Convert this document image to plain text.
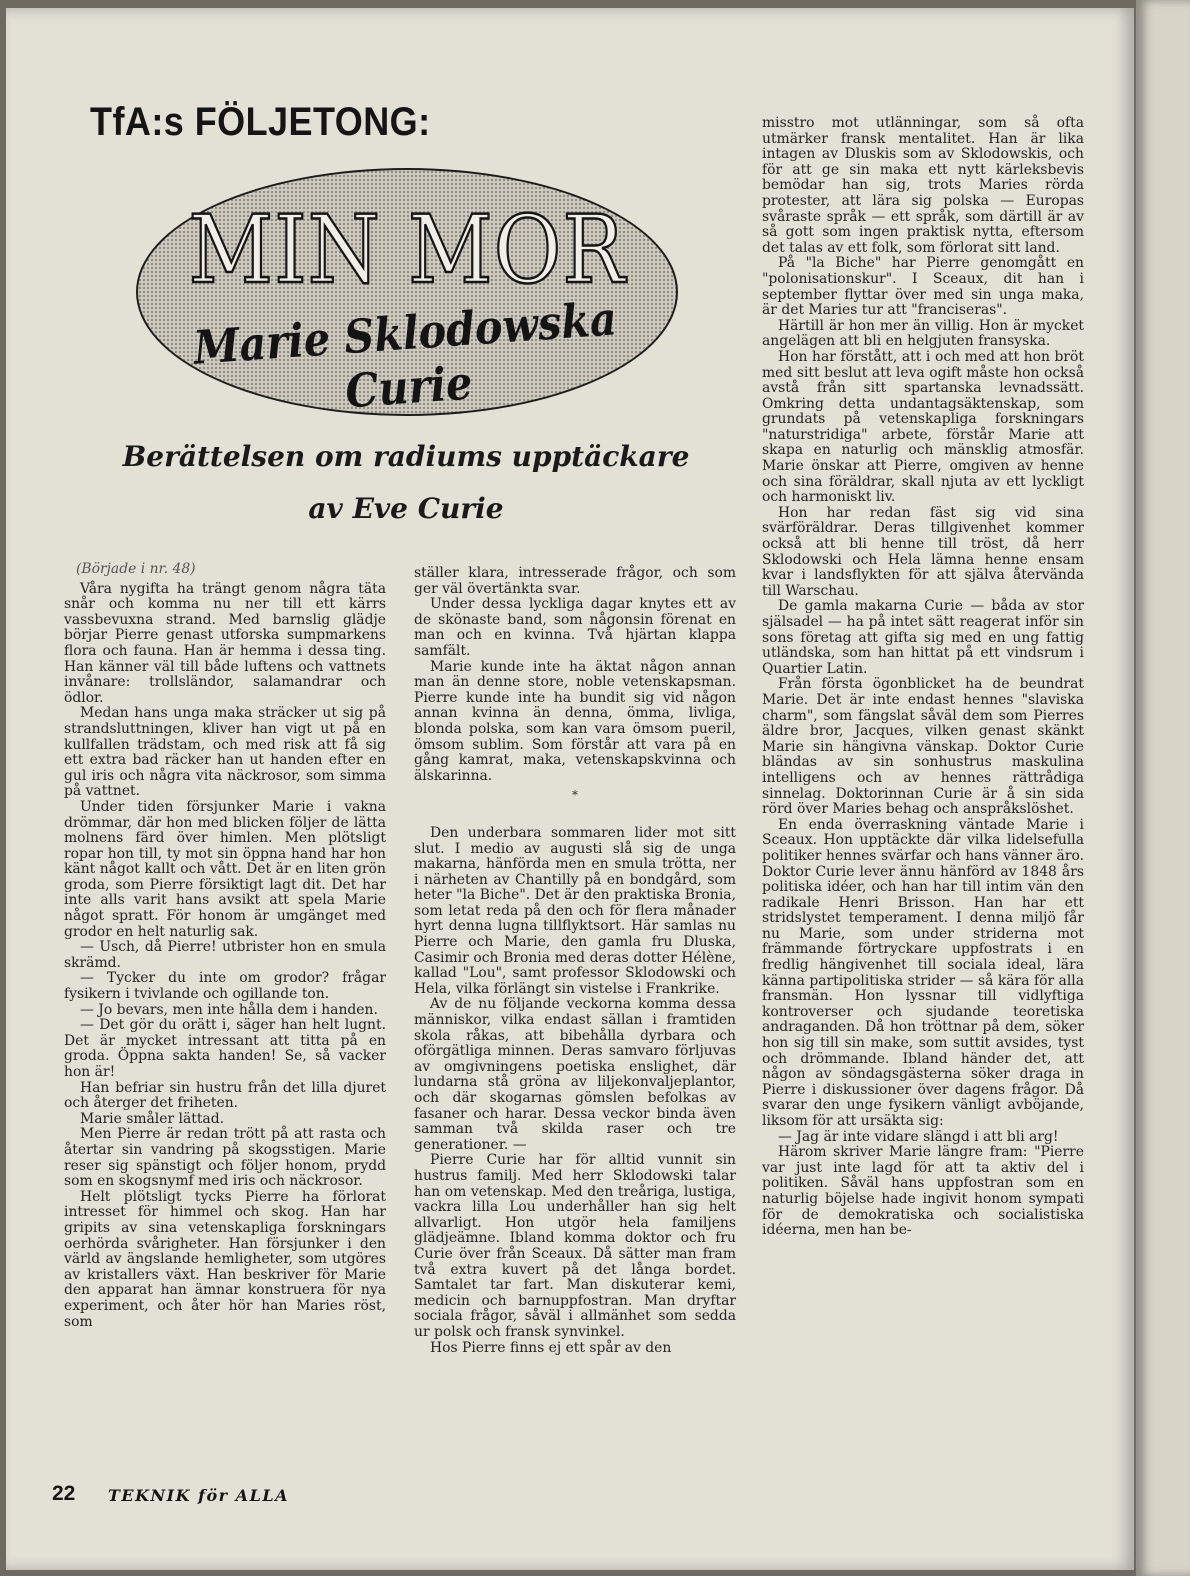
TfA:s FÖLJETONG:
MIN MOR
Marie Sklodowska Curie
Berättelsen om radiums upptäckare
av Eve Curie

(Började i nr. 48)

Våra nygifta ha trängt genom några täta snår och komma nu ner till ett kärrs vassbevuxna strand. Med barnslig glädje börjar Pierre genast utforska sumpmarkens flora och fauna. Han är hemma i dessa ting. Han känner väl till både luftens och vattnets invånare: trollsländor, salamandrar och ödlor.

Medan hans unga maka sträcker ut sig på strandsluttningen, kliver han vigt ut på en kullfallen trädstam, och med risk att få sig ett extra bad räcker han ut handen efter en gul iris och några vita näckrosor, som simma på vattnet.

Under tiden försjunker Marie i vakna drömmar, där hon med blicken följer de lätta molnens färd över himlen. Men plötsligt ropar hon till, ty mot sin öppna hand har hon känt något kallt och vått. Det är en liten grön groda, som Pierre försiktigt lagt dit. Det har inte alls varit hans avsikt att spela Marie något spratt. För honom är umgänget med grodor en helt naturlig sak.

— Usch, då Pierre! utbrister hon en smula skrämd.

— Tycker du inte om grodor? frågar fysikern i tvivlande och ogillande ton.

— Jo bevars, men inte hålla dem i handen.

— Det gör du orätt i, säger han helt lugnt. Det är mycket intressant att titta på en groda. Öppna sakta handen! Se, så vacker hon är!

Han befriar sin hustru från det lilla djuret och återger det friheten.

Marie småler lättad.

Men Pierre är redan trött på att rasta och återtar sin vandring på skogsstigen. Marie reser sig spänstigt och följer honom, prydd som en skogsnymf med iris och näckrosor.

Helt plötsligt tycks Pierre ha förlorat intresset för himmel och skog. Han har gripits av sina vetenskapliga forskningars oerhörda svårigheter. Han försjunker i den värld av ängslande hemligheter, som utgöres av kristallers växt. Han beskriver för Marie den apparat han ämnar konstruera för nya experiment, och åter hör han Maries röst, som

ställer klara, intresserade frågor, och som ger väl övertänkta svar.

Under dessa lyckliga dagar knytes ett av de skönaste band, som någonsin förenat en man och en kvinna. Två hjärtan klappa samfält.

Marie kunde inte ha äktat någon annan man än denne store, noble vetenskapsman. Pierre kunde inte ha bundit sig vid någon annan kvinna än denna, ömma, livliga, blonda polska, som kan vara ömsom pueril, ömsom sublim. Som förstår att vara på en gång kamrat, maka, vetenskapskvinna och älskarinna.

*

Den underbara sommaren lider mot sitt slut. I medio av augusti slå sig de unga makarna, hänförda men en smula trötta, ner i närheten av Chantilly på en bondgård, som heter "la Biche". Det är den praktiska Bronia, som letat reda på den och för flera månader hyrt denna lugna tillflyktsort. Här samlas nu Pierre och Marie, den gamla fru Dluska, Casimir och Bronia med deras dotter Hélène, kallad "Lou", samt professor Sklodowski och Hela, vilka förlängt sin vistelse i Frankrike.

Av de nu följande veckorna komma dessa människor, vilka endast sällan i framtiden skola råkas, att bibehålla dyrbara och oförgätliga minnen. Deras samvaro förljuvas av omgivningens poetiska enslighet, där lundarna stå gröna av liljekonvaljeplantor, och där skogarnas gömslen befolkas av fasaner och harar. Dessa veckor binda även samman två skilda raser och tre generationer. —

Pierre Curie har för alltid vunnit sin hustrus familj. Med herr Sklodowski talar han om vetenskap. Med den treåriga, lustiga, vackra lilla Lou underhåller han sig helt allvarligt. Hon utgör hela familjens glädjeämne. Ibland komma doktor och fru Curie över från Sceaux. Då sätter man fram två extra kuvert på det långa bordet. Samtalet tar fart. Man diskuterar kemi, medicin och barnuppfostran. Man dryftar sociala frågor, såväl i allmänhet som sedda ur polsk och fransk synvinkel.

Hos Pierre finns ej ett spår av den

misstro mot utlänningar, som så ofta utmärker fransk mentalitet. Han är lika intagen av Dluskis som av Sklodowskis, och för att ge sin maka ett nytt kärleksbevis bemödar han sig, trots Maries rörda protester, att lära sig polska — Europas svåraste språk — ett språk, som därtill är av så gott som ingen praktisk nytta, eftersom det talas av ett folk, som förlorat sitt land.

På "la Biche" har Pierre genomgått en "polonisationskur". I Sceaux, dit han i september flyttar över med sin unga maka, är det Maries tur att "franciseras".

Härtill är hon mer än villig. Hon är mycket angelägen att bli en helgjuten fransyska.

Hon har förstått, att i och med att hon bröt med sitt beslut att leva ogift måste hon också avstå från sitt spartanska levnadssätt. Omkring detta undantagsäktenskap, som grundats på vetenskapliga forskningars "naturstridiga" arbete, förstår Marie att skapa en naturlig och mänsklig atmosfär. Marie önskar att Pierre, omgiven av henne och sina föräldrar, skall njuta av ett lyckligt och harmoniskt liv.

Hon har redan fäst sig vid sina svärföräldrar. Deras tillgivenhet kommer också att bli henne till tröst, då herr Sklodowski och Hela lämna henne ensam kvar i landsflykten för att själva återvända till Warschau.

De gamla makarna Curie — båda av stor själsadel — ha på intet sätt reagerat inför sin sons företag att gifta sig med en ung fattig utländska, som han hittat på ett vindsrum i Quartier Latin.

Från första ögonblicket ha de beundrat Marie. Det är inte endast hennes "slaviska charm", som fängslat såväl dem som Pierres äldre bror, Jacques, vilken genast skänkt Marie sin hängivna vänskap. Doktor Curie bländas av sin sonhustrus maskulina intelligens och av hennes rättrådiga sinnelag. Doktorinnan Curie är å sin sida rörd över Maries behag och anspråkslöshet.

En enda överraskning väntade Marie i Sceaux. Hon upptäckte där vilka lidelsefulla politiker hennes svärfar och hans vänner äro. Doktor Curie lever ännu hänförd av 1848 års politiska idéer, och han har till intim vän den radikale Henri Brisson. Han har ett stridslystet temperament. I denna miljö får nu Marie, som under striderna mot främmande förtryckare uppfostrats i en fredlig hängivenhet till sociala ideal, lära känna partipolitiska strider — så kära för alla fransmän. Hon lyssnar till vidlyftiga kontroverser och sjudande teoretiska andraganden. Då hon tröttnar på dem, söker hon sig till sin make, som suttit avsides, tyst och drömmande. Ibland händer det, att någon av söndagsgästerna söker draga in Pierre i diskussioner över dagens frågor. Då svarar den unge fysikern vänligt avböjande, liksom för att ursäkta sig:

— Jag är inte vidare slängd i att bli arg!

Härom skriver Marie längre fram: "Pierre var just inte lagd för att ta aktiv del i politiken. Såväl hans uppfostran som en naturlig böjelse hade ingivit honom sympati för de demokratiska och socialistiska idéerna, men han be-

22 TEKNIK för ALLA
